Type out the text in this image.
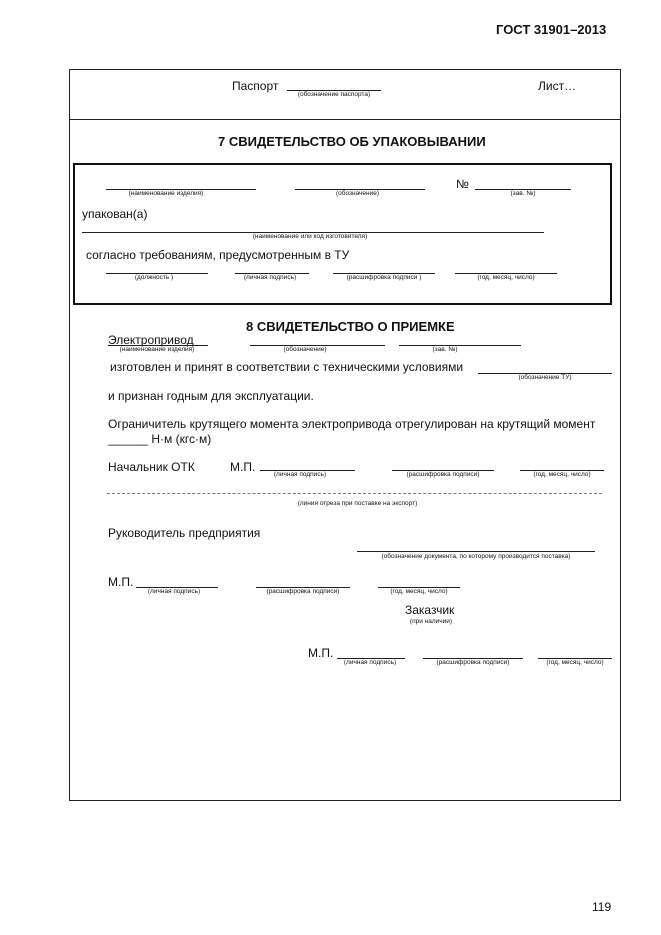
ГОСТ 31901–2013
Паспорт
(обозначение паспорта)
Лист…
7 СВИДЕТЕЛЬСТВО ОБ УПАКОВЫВАНИИ
(наименование изделия)	(обозначение)
№
(зав. №)
упакован(а)
(наименование или код изготовителя)
согласно требованиям, предусмотренным в ТУ
(должность )	(личная подпись)	(расшифровка подписи )	(год, месяц, число)
8 СВИДЕТЕЛЬСТВО О ПРИЕМКЕ
Электропривод
(наименование изделия)	(обозначение)	(зав. №)
изготовлен и принят в соответствии с техническими условиями
(обозначение ТУ)
и признан годным для эксплуатации.
Ограничитель крутящего момента электропривода отрегулирован на крутящий момент
______ Н·м (кгс·м)
Начальник ОТК	М.П.
(личная подпись)	(расшифровка подписи)	(год, месяц, число)
(линия отреза при поставке на экспорт)
Руководитель предприятия
(обозначение документа, по которому производится поставка)
М.П.
(личная подпись)	(расшифровка подписи)	(год, месяц, число)
Заказчик
(при наличии)
М.П.
(личная подпись)	(расшифровка подписи)	(год, месяц, число)
119
